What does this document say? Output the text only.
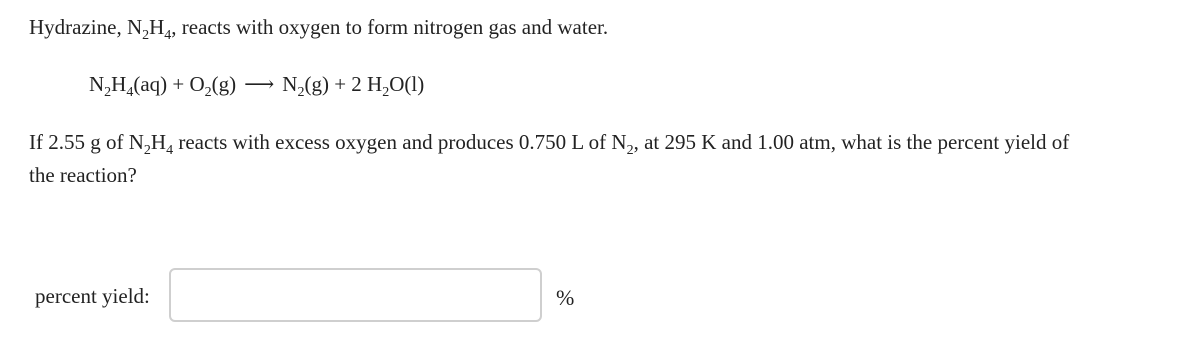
Hydrazine, $N_2H_4$, reacts with oxygen to form nitrogen gas and water.
$N_2H_4(aq) + O_2(g)$ ⟶ $N_2(g) + 2$ $H_2O(l)$
If 2.55 g of $N_2H_4$ reacts with excess oxygen and produces 0.750 L of $N_2$, at 295 K and 1.00 atm, what is the percent yield of
the reaction?
percent yield:	%
